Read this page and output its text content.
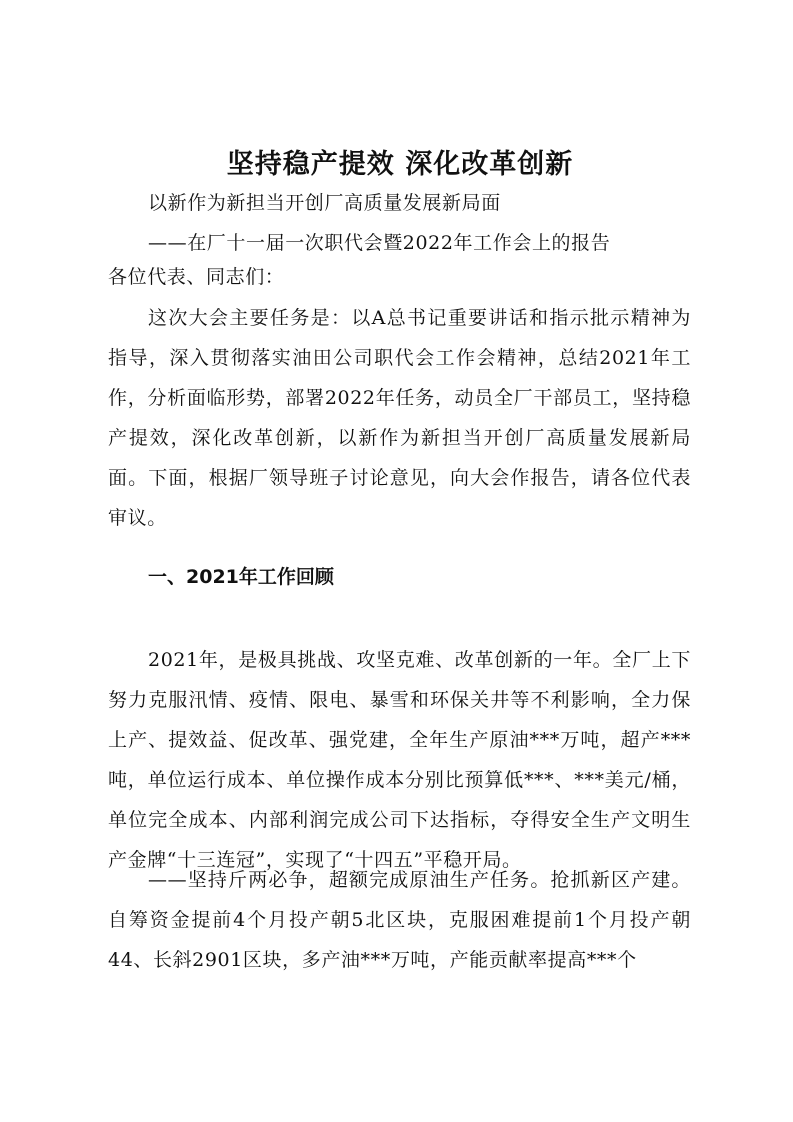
坚持稳产提效 深化改革创新
以新作为新担当开创厂高质量发展新局面
——在厂十一届一次职代会暨2022年工作会上的报告
各位代表、同志们：
这次大会主要任务是：以A总书记重要讲话和指示批示精神为指导，深入贯彻落实油田公司职代会工作会精神，总结2021年工作，分析面临形势，部署2022年任务，动员全厂干部员工，坚持稳产提效，深化改革创新，以新作为新担当开创厂高质量发展新局面。下面，根据厂领导班子讨论意见，向大会作报告，请各位代表审议。
一、2021年工作回顾
2021年，是极具挑战、攻坚克难、改革创新的一年。全厂上下努力克服汛情、疫情、限电、暴雪和环保关井等不利影响，全力保上产、提效益、促改革、强党建，全年生产原油***万吨，超产***吨，单位运行成本、单位操作成本分别比预算低***、***美元/桶，单位完全成本、内部利润完成公司下达指标，夺得安全生产文明生产金牌“十三连冠”，实现了“十四五”平稳开局。
——坚持斤两必争，超额完成原油生产任务。抢抓新区产建。自筹资金提前4个月投产朝5北区块，克服困难提前1个月投产朝44、长斜2901区块，多产油***万吨，产能贡献率提高***个
